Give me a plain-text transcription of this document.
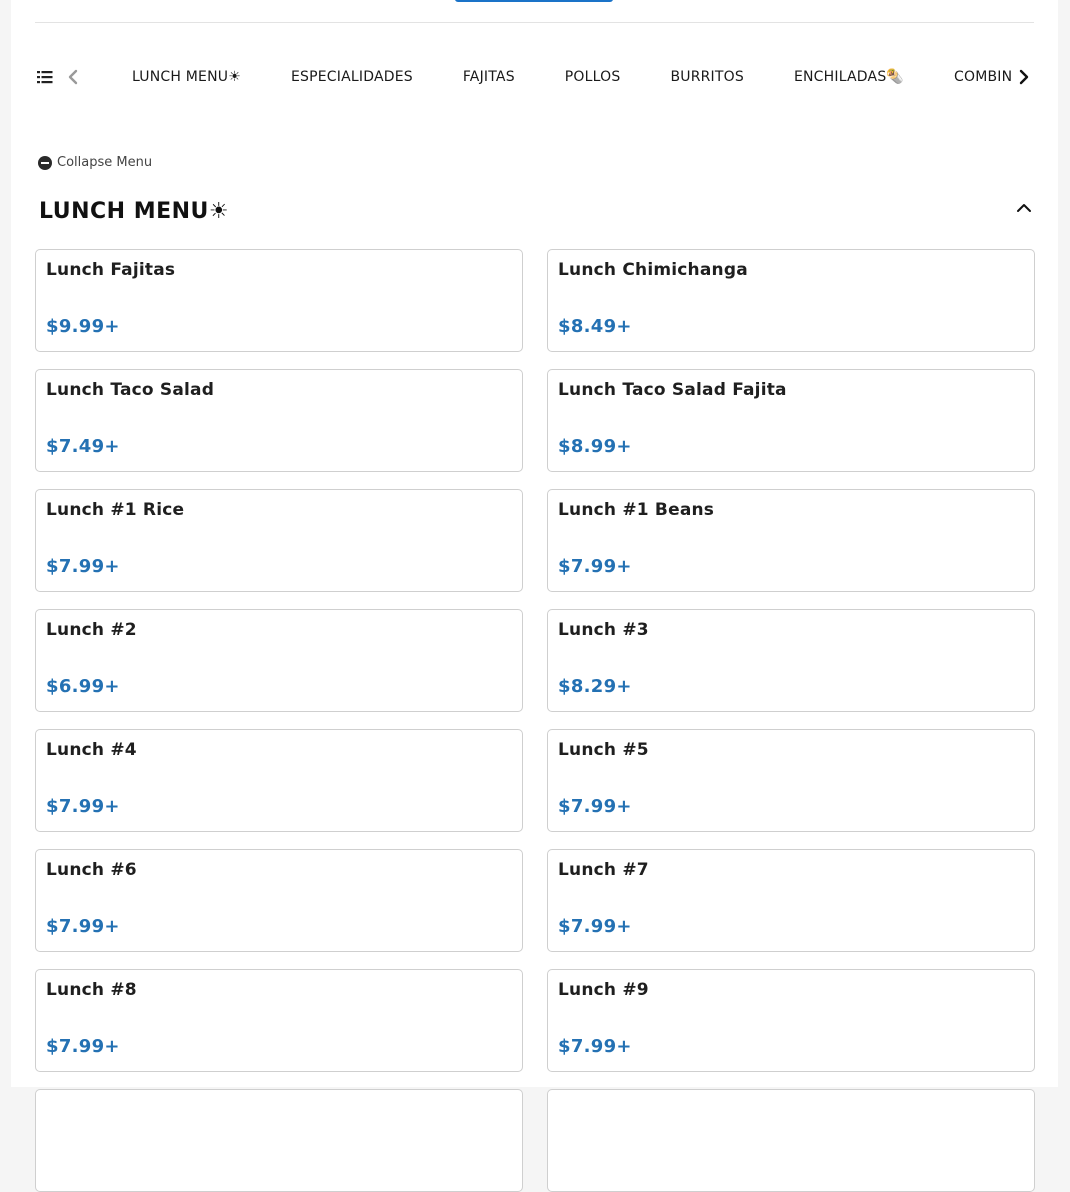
LUNCH MENU☀	ESPECIALIDADES	FAJITAS	POLLOS	BURRITOS	ENCHILADAS🌯	COMBIN
Collapse Menu
LUNCH MENU☀
Lunch Fajitas
$9.99+
Lunch Chimichanga
$8.49+
Lunch Taco Salad
$7.49+
Lunch Taco Salad Fajita
$8.99+
Lunch #1 Rice
$7.99+
Lunch #1 Beans
$7.99+
Lunch #2
$6.99+
Lunch #3
$8.29+
Lunch #4
$7.99+
Lunch #5
$7.99+
Lunch #6
$7.99+
Lunch #7
$7.99+
Lunch #8
$7.99+
Lunch #9
$7.99+
